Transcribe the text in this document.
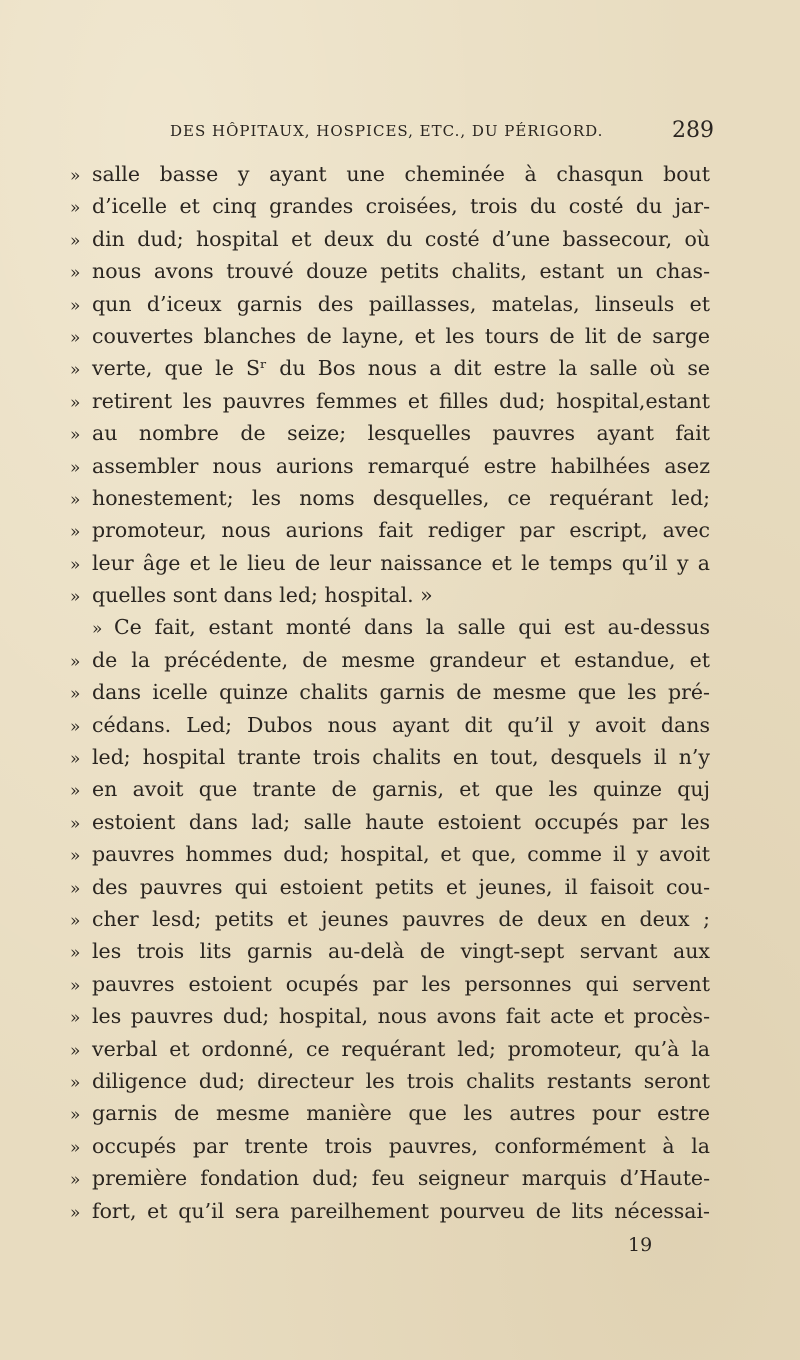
DES HÔPITAUX, HOSPICES, ETC., DU PÉRIGORD.	289
» salle basse y ayant une cheminée à chasqun bout
» d’icelle et cinq grandes croisées, trois du costé du jar-
» din dud; hospital et deux du costé d’une bassecour, où
» nous avons trouvé douze petits chalits, estant un chas-
» qun d’iceux garnis des paillasses, matelas, linseuls et
» couvertes blanches de layne, et les tours de lit de sarge
» verte, que le Sʳ du Bos nous a dit estre la salle où se
» retirent les pauvres femmes et filles dud; hospital,estant
» au nombre de seize; lesquelles pauvres ayant fait
» assembler nous aurions remarqué estre habilhées asez
» honestement; les noms desquelles, ce requérant led;
» promoteur, nous aurions fait rediger par escript, avec
» leur âge et le lieu de leur naissance et le temps qu’il y a
» quelles sont dans led; hospital. »
» Ce fait, estant monté dans la salle qui est au-dessus
» de la précédente, de mesme grandeur et estandue, et
» dans icelle quinze chalits garnis de mesme que les pré-
» cédans. Led; Dubos nous ayant dit qu’il y avoit dans
» led; hospital trante trois chalits en tout, desquels il n’y
» en avoit que trante de garnis, et que les quinze quj
» estoient dans lad; salle haute estoient occupés par les
» pauvres hommes dud; hospital, et que, comme il y avoit
» des pauvres qui estoient petits et jeunes, il faisoit cou-
» cher lesd; petits et jeunes pauvres de deux en deux ;
» les trois lits garnis au-delà de vingt-sept servant aux
» pauvres estoient ocupés par les personnes qui servent
» les pauvres dud; hospital, nous avons fait acte et procès-
» verbal et ordonné, ce requérant led; promoteur, qu’à la
» diligence dud; directeur les trois chalits restants seront
» garnis de mesme manière que les autres pour estre
» occupés par trente trois pauvres, conformément à la
» première fondation dud; feu seigneur marquis d’Haute-
» fort, et qu’il sera pareilhement pourveu de lits nécessai-
19
